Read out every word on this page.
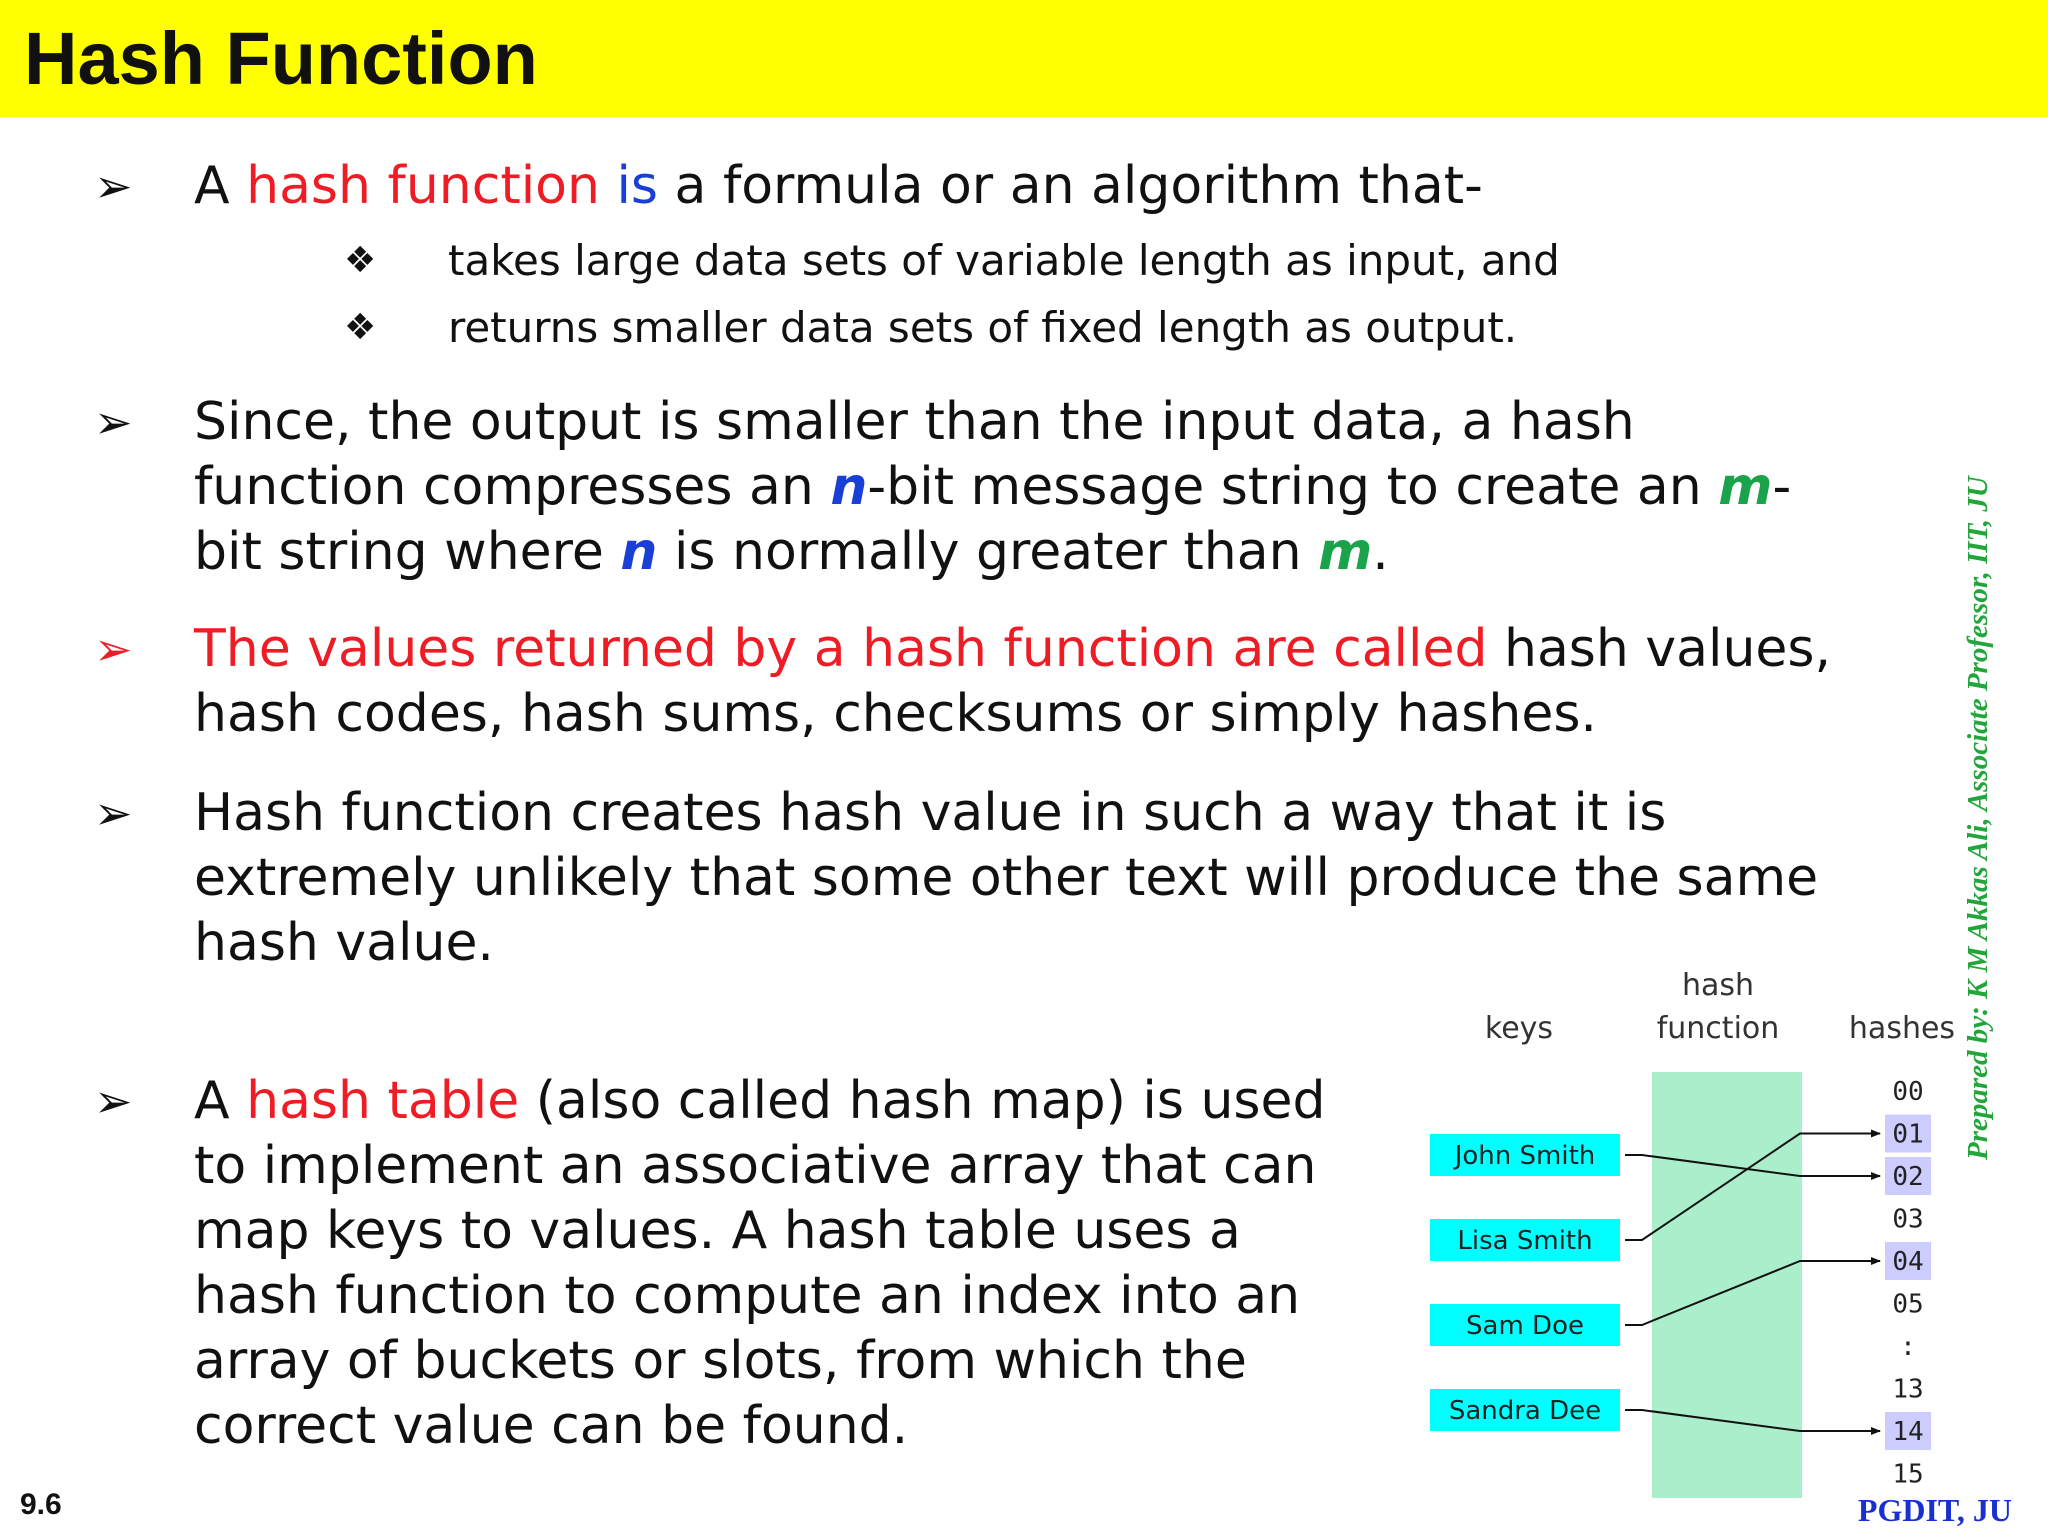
Hash Function
➢ A hash function is a formula or an algorithm that-

❖ takes large data sets of variable length as input, and
❖ returns smaller data sets of fixed length as output.
➢ Since, the output is smaller than the input data, a hash
function compresses an n-bit message string to create an m-
bit string where n is normally greater than m.

➢ The values returned by a hash function are called hash values,
hash codes, hash sums, checksums or simply hashes.

➢ Hash function creates hash value in such a way that it is
extremely unlikely that some other text will produce the same
hash value.

➢ A hash table (also called hash map) is used
to implement an associative array that can
map keys to values. A hash table uses a
hash function to compute an index into an
array of buckets or slots, from which the
correct value can be found.

keys
hash
function hashes
John Smith
Lisa Smith
Sam Doe
Sandra Dee
00
01
02
03
04
05
:
13
14
15
Prepared by: K M Akkas Ali, Associate Professor, IIT, JU
9.6	PGDIT, JU
